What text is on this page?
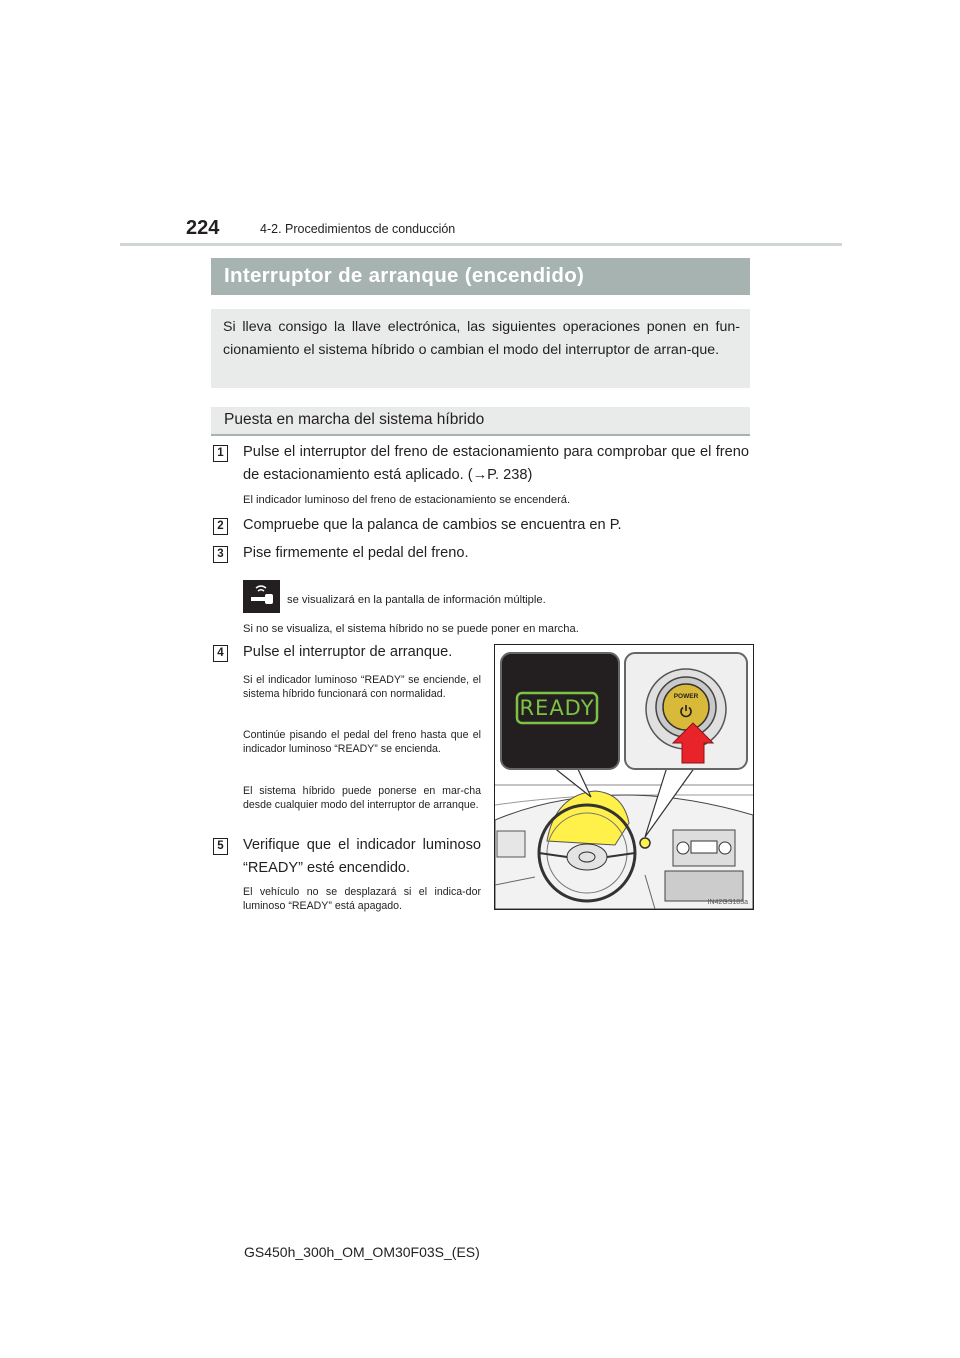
224	4-2. Procedimientos de conducción
Interruptor de arranque (encendido)
Si lleva consigo la llave electrónica, las siguientes operaciones ponen en fun-cionamiento el sistema híbrido o cambian el modo del interruptor de arran-que.
Puesta en marcha del sistema híbrido
1 Pulse el interruptor del freno de estacionamiento para comprobar que el freno de estacionamiento está aplicado. (→P. 238)
El indicador luminoso del freno de estacionamiento se encenderá.
2 Compruebe que la palanca de cambios se encuentra en P.
3 Pise firmemente el pedal del freno.
se visualizará en la pantalla de información múltiple.
Si no se visualiza, el sistema híbrido no se puede poner en marcha.
4 Pulse el interruptor de arranque.
Si el indicador luminoso “READY” se enciende, el sistema híbrido funcionará con normalidad.
Continúe pisando el pedal del freno hasta que el indicador luminoso “READY” se encienda.
El sistema híbrido puede ponerse en mar-cha desde cualquier modo del interruptor de arranque.
5 Verifique que el indicador luminoso “READY” esté encendido.
El vehículo no se desplazará si el indica-dor luminoso “READY” está apagado.
READY	POWER
IN42GS183a
GS450h_300h_OM_OM30F03S_(ES)
